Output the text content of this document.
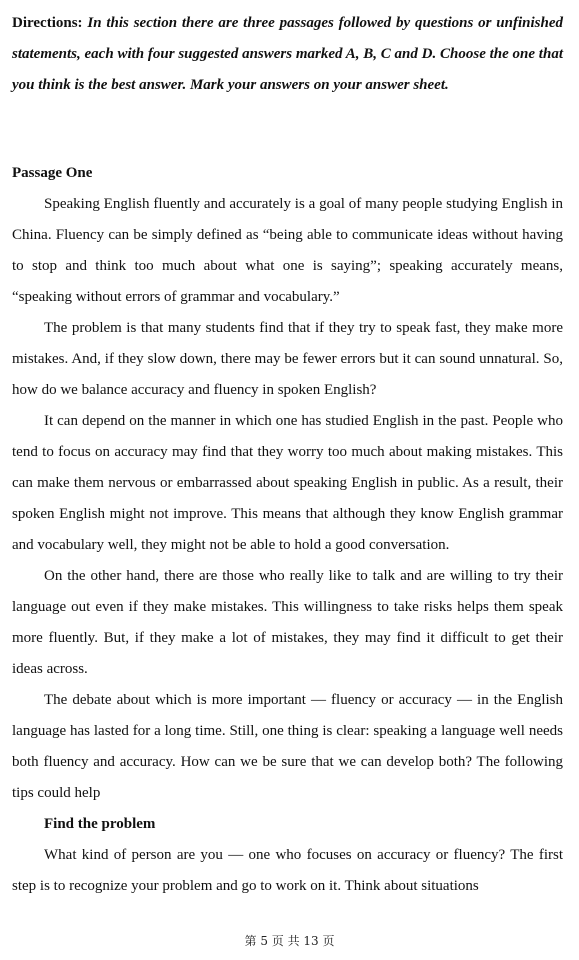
Directions: In this section there are three passages followed by questions or unfinished statements, each with four suggested answers marked A, B, C and D. Choose the one that you think is the best answer. Mark your answers on your answer sheet.

Passage One

Speaking English fluently and accurately is a goal of many people studying English in China. Fluency can be simply defined as “being able to communicate ideas without having to stop and think too much about what one is saying”; speaking accurately means, “speaking without errors of grammar and vocabulary.”

The problem is that many students find that if they try to speak fast, they make more mistakes. And, if they slow down, there may be fewer errors but it can sound unnatural. So, how do we balance accuracy and fluency in spoken English?

It can depend on the manner in which one has studied English in the past. People who tend to focus on accuracy may find that they worry too much about making mistakes. This can make them nervous or embarrassed about speaking English in public. As a result, their spoken English might not improve. This means that although they know English grammar and vocabulary well, they might not be able to hold a good conversation.

On the other hand, there are those who really like to talk and are willing to try their language out even if they make mistakes. This willingness to take risks helps them speak more fluently. But, if they make a lot of mistakes, they may find it difficult to get their ideas across.

The debate about which is more important — fluency or accuracy — in the English language has lasted for a long time. Still, one thing is clear: speaking a language well needs both fluency and accuracy. How can we be sure that we can develop both? The following tips could help

Find the problem

What kind of person are you — one who focuses on accuracy or fluency? The first step is to recognize your problem and go to work on it. Think about situations

第 5 页 共 13 页
